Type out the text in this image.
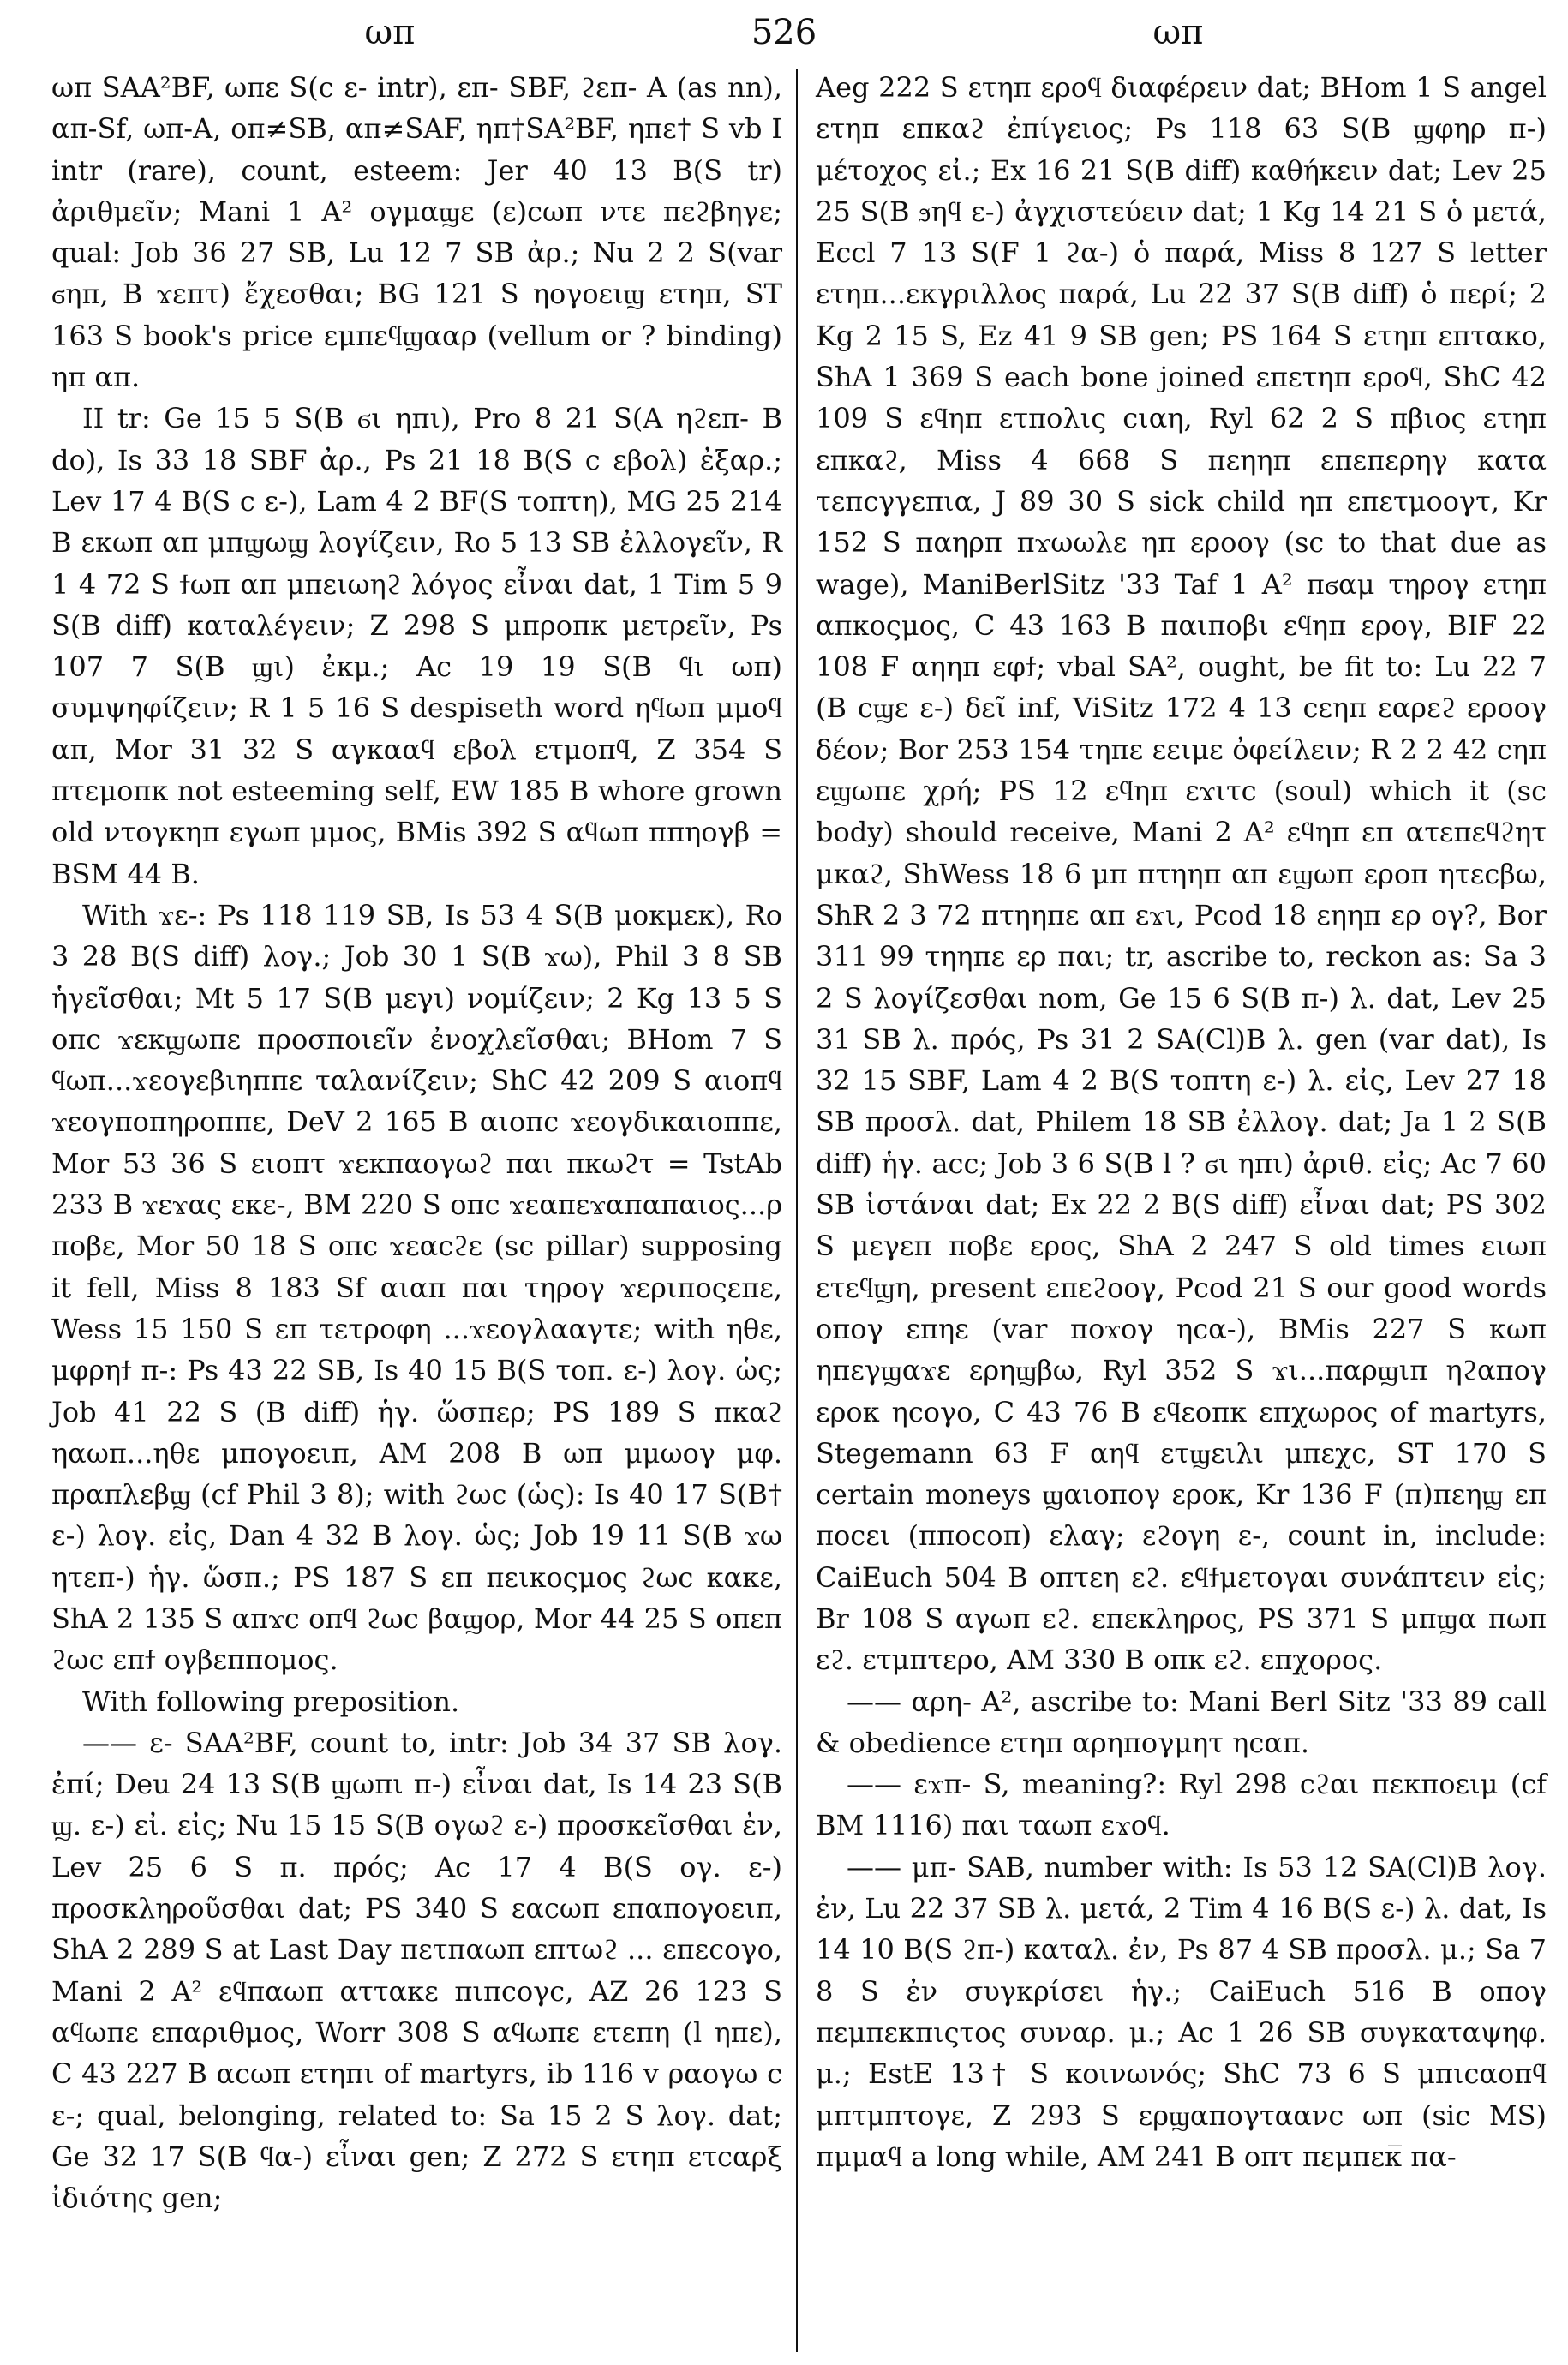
ωπ	526	ωπ

ωπ SAA²BF, ωπε S(c ε- intr), επ- SBF, ϩεπ- A (as nn), απ-Sf, ωπ-A, οπ≠SB, απ≠SAF, ηπ†SA²BF, ηπε† S vb I intr (rare), count, esteem: Jer 40 13 B(S tr) ἀριθμεῖν; Mani 1 A² ογμαϣε (ε)ϲωπ ντε πεϩβηγε; qual: Job 36 27 SB, Lu 12 7 SB ἀρ.; Nu 2 2 S(var ϭηπ, B ϫεπτ) ἔχεσθαι; BG 121 S ηογοειϣ ετηπ, ST 163 S book's price εμπεϥϣααρ (vellum or ? binding) ηπ απ.

II tr: Ge 15 5 S(B ϭι ηπι), Pro 8 21 S(A ηϩεπ- B do), Is 33 18 SBF ἀρ., Ps 21 18 B(S c εβολ) ἐξαρ.; Lev 17 4 B(S c ε-), Lam 4 2 BF(S τοπτη), MG 25 214 B εκωπ απ μπϣωϣ λογίζειν, Ro 5 13 SB ἐλλογεῖν, R 1 4 72 S ϯωπ απ μπειωηϩ λόγος εἶναι dat, 1 Tim 5 9 S(B diff) καταλέγειν; Z 298 S μπροπκ μετρεῖν, Ps 107 7 S(B ϣι) ἐκμ.; Ac 19 19 S(B ϥι ωπ) συμψηφίζειν; R 1 5 16 S despiseth word ηϥωπ μμοϥ απ, Mor 31 32 S αγκααϥ εβολ ετμοπϥ, Z 354 S πτεμοπκ not esteeming self, EW 185 B whore grown old ντογκηπ εγωπ μμος, BMis 392 S αϥωπ ππηογβ = BSM 44 B.

With ϫε-: Ps 118 119 SB, Is 53 4 S(B μοκμεκ), Ro 3 28 B(S diff) λογ.; Job 30 1 S(B ϫω), Phil 3 8 SB ἡγεῖσθαι; Mt 5 17 S(B μεγι) νομίζειν; 2 Kg 13 5 S οπϲ ϫεκϣωπε προσποιεῖν ἐνοχλεῖσθαι; BHom 7 S ϥωπ...ϫεογεβιηππε ταλανίζειν; ShC 42 209 S αιοπϥ ϫεογποπηροππε, DeV 2 165 B αιοπϲ ϫεογδικαιοππε, Mor 53 36 S ειοπτ ϫεκπαογωϩ παι πκωϩτ = TstAb 233 B ϫεϫας εκε-, BM 220 S οπϲ ϫεαπεϫαπαπαιος...ρ ποβε, Mor 50 18 S οπϲ ϫεαϲϩε (sc pillar) supposing it fell, Miss 8 183 Sf αιαπ παι τηρογ ϫεριποςεπε, Wess 15 150 S επ τετροφη ...ϫεογλααγτε; with ηθε, μφρηϯ π-: Ps 43 22 SB, Is 40 15 B(S τοπ. ε-) λογ. ὡς; Job 41 22 S (B diff) ἡγ. ὥσπερ; PS 189 S πκαϩ ηαωπ...ηθε μπογοειπ, AM 208 B ωπ μμωογ μφ. πραπλεβϣ (cf Phil 3 8); with ϩωϲ (ὡς): Is 40 17 S(B† ε-) λογ. εἰς, Dan 4 32 B λογ. ὡς; Job 19 11 S(B ϫω ητεπ-) ἡγ. ὥσπ.; PS 187 S επ πεικοςμος ϩωϲ κακε, ShA 2 135 S απϫϲ οπϥ ϩωϲ βαϣορ, Mor 44 25 S οπεπ ϩωϲ επϯ ογβεππομος.

With following preposition.

—— ε- SAA²BF, count to, intr: Job 34 37 SB λογ. ἐπί; Deu 24 13 S(B ϣωπι π-) εἶναι dat, Is 14 23 S(B ϣ. ε-) εἰ. εἰς; Nu 15 15 S(B ογωϩ ε-) προσκεῖσθαι ἐν, Lev 25 6 S π. πρός; Ac 17 4 B(S ογ. ε-) προσκληροῦσθαι dat; PS 340 S εαϲωπ επαπογοειπ, ShA 2 289 S at Last Day πετπαωπ επτωϩ ... επεϲογο, Mani 2 A² εϥπαωπ αττακε πιπϲογϲ, AZ 26 123 S αϥωπε επαριθμος, Worr 308 S αϥωπε ετεπη (l ηπε), C 43 227 B αϲωπ ετηπι of martyrs, ib 116 v ραογω c ε-; qual, belonging, related to: Sa 15 2 S λογ. dat; Ge 32 17 S(B ϥα-) εἶναι gen; Z 272 S ετηπ ετϲαρξ ἰδιότης gen;

Aeg 222 S ετηπ εροϥ διαφέρειν dat; BHom 1 S angel ετηπ επκαϩ ἐπίγειος; Ps 118 63 S(B ϣφηρ π-) μέτοχος εἰ.; Ex 16 21 S(B diff) καθήκειν dat; Lev 25 25 S(B ϧηϥ ε-) ἀγχιστεύειν dat; 1 Kg 14 21 S ὁ μετά, Eccl 7 13 S(F 1 ϩα-) ὁ παρά, Miss 8 127 S letter ετηπ...εκγριλλος παρά, Lu 22 37 S(B diff) ὁ περί; 2 Kg 2 15 S, Ez 41 9 SB gen; PS 164 S ετηπ επτακο, ShA 1 369 S each bone joined επετηπ εροϥ, ShC 42 109 S εϥηπ ετπολις ϲιαη, Ryl 62 2 S πβιος ετηπ επκαϩ, Miss 4 668 S πεηηπ επεπερηγ κατα τεπϲγγεπια, J 89 30 S sick child ηπ επετμοογτ, Kr 152 S παηρπ πϫωωλε ηπ εροογ (sc to that due as wage), ManiBerlSitz '33 Taf 1 A² πϭαμ τηρογ ετηπ απκοςμος, C 43 163 B παιποβι εϥηπ ερογ, BIF 22 108 F αηηπ εφϯ; vbal SA², ought, be fit to: Lu 22 7 (B ϲϣε ε-) δεῖ inf, ViSitz 172 4 13 ϲεηπ εαρεϩ εροογ δέον; Bor 253 154 τηπε εειμε ὀφείλειν; R 2 2 42 ϲηπ εϣωπε χρή; PS 12 εϥηπ εϫιτϲ (soul) which it (sc body) should receive, Mani 2 A² εϥηπ επ ατεπεϥϩητ μκαϩ, ShWess 18 6 μπ πτηηπ απ εϣωπ εροπ ητεϲβω, ShR 2 3 72 πτηηπε απ εϫι, Pcod 18 εηηπ ερ ογ?, Bor 311 99 τηηπε ερ παι; tr, ascribe to, reckon as: Sa 3 2 S λογίζεσθαι nom, Ge 15 6 S(B π-) λ. dat, Lev 25 31 SB λ. πρός, Ps 31 2 SA(Cl)B λ. gen (var dat), Is 32 15 SBF, Lam 4 2 B(S τοπτη ε-) λ. εἰς, Lev 27 18 SB προσλ. dat, Philem 18 SB ἐλλογ. dat; Ja 1 2 S(B diff) ἡγ. acc; Job 3 6 S(B l ? ϭι ηπι) ἀριθ. εἰς; Ac 7 60 SB ἱστάναι dat; Ex 22 2 B(S diff) εἶναι dat; PS 302 S μεγεπ ποβε ερος, ShA 2 247 S old times ειωπ ετεϥϣη, present επεϩοογ, Pcod 21 S our good words οπογ επηε (var ποϫογ ηϲα-), BMis 227 S κωπ ηπεγϣαϫε ερηϣβω, Ryl 352 S ϫι...παρϣιπ ηϩαπογ εροκ ηϲογο, C 43 76 B εϥεοπκ επχωρος of martyrs, Stegemann 63 F αηϥ ετϣειλι μπεχϲ, ST 170 S certain moneys ϣαιοπογ εροκ, Kr 136 F (π)πεηϣ επ ποϲει (πποϲοπ) ελαγ; εϩογη ε-, count in, include: CaiEuch 504 B οπτεη εϩ. εϥϯμετογαι συνάπτειν εἰς; Br 108 S αγωπ εϩ. επεκληρος, PS 371 S μπϣα πωπ εϩ. ετμπτερο, AM 330 B οπκ εϩ. επχορος.

—— αρη- A², ascribe to: Mani Berl Sitz '33 89 call & obedience ετηπ αρηπογμητ ηϲαπ.

—— εϫπ- S, meaning?: Ryl 298 ϲϩαι πεκποειμ (cf BM 1116) παι ταωπ εϫοϥ.

—— μπ- SAB, number with: Is 53 12 SA(Cl)B λογ. ἐν, Lu 22 37 SB λ. μετά, 2 Tim 4 16 B(S ε-) λ. dat, Is 14 10 B(S ϩπ-) καταλ. ἐν, Ps 87 4 SB προσλ. μ.; Sa 7 8 S ἐν συγκρίσει ἡγ.; CaiEuch 516 B οπογ πεμπεκπιςτος συναρ. μ.; Ac 1 26 SB συγκαταψηφ. μ.; EstE 13† S κοινωνός; ShC 73 6 S μπιϲαοπϥ μπτμπτογε, Z 293 S ερϣαπογταανϲ ωπ (sic MS) πμμαϥ a long while, AM 241 B οπτ πεμπεκ̅ πα-
